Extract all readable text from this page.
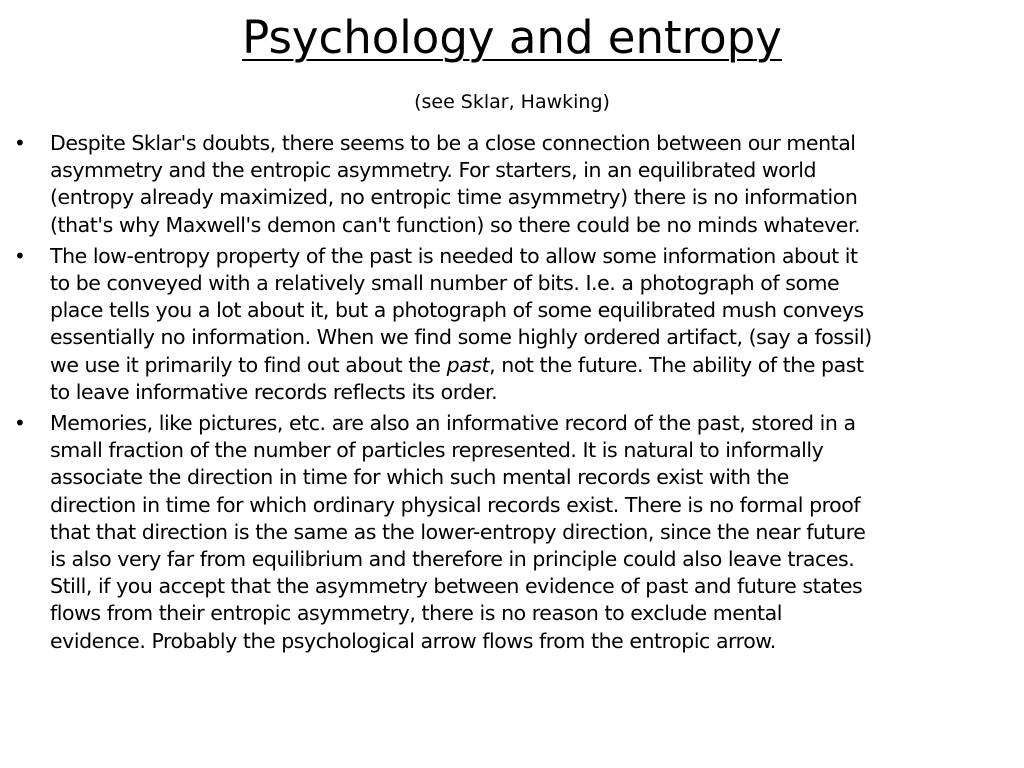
Psychology and entropy
(see Sklar, Hawking)
• Despite Sklar's doubts, there seems to be a close connection between our mental
asymmetry and the entropic asymmetry. For starters, in an equilibrated world
(entropy already maximized, no entropic time asymmetry) there is no information
(that's why Maxwell's demon can't function) so there could be no minds whatever.
• The low-entropy property of the past is needed to allow some information about it
to be conveyed with a relatively small number of bits. I.e. a photograph of some
place tells you a lot about it, but a photograph of some equilibrated mush conveys
essentially no information. When we find some highly ordered artifact, (say a fossil)
we use it primarily to find out about the past, not the future. The ability of the past
to leave informative records reflects its order.
• Memories, like pictures, etc. are also an informative record of the past, stored in a
small fraction of the number of particles represented. It is natural to informally
associate the direction in time for which such mental records exist with the
direction in time for which ordinary physical records exist. There is no formal proof
that that direction is the same as the lower-entropy direction, since the near future
is also very far from equilibrium and therefore in principle could also leave traces.
Still, if you accept that the asymmetry between evidence of past and future states
flows from their entropic asymmetry, there is no reason to exclude mental
evidence. Probably the psychological arrow flows from the entropic arrow.
